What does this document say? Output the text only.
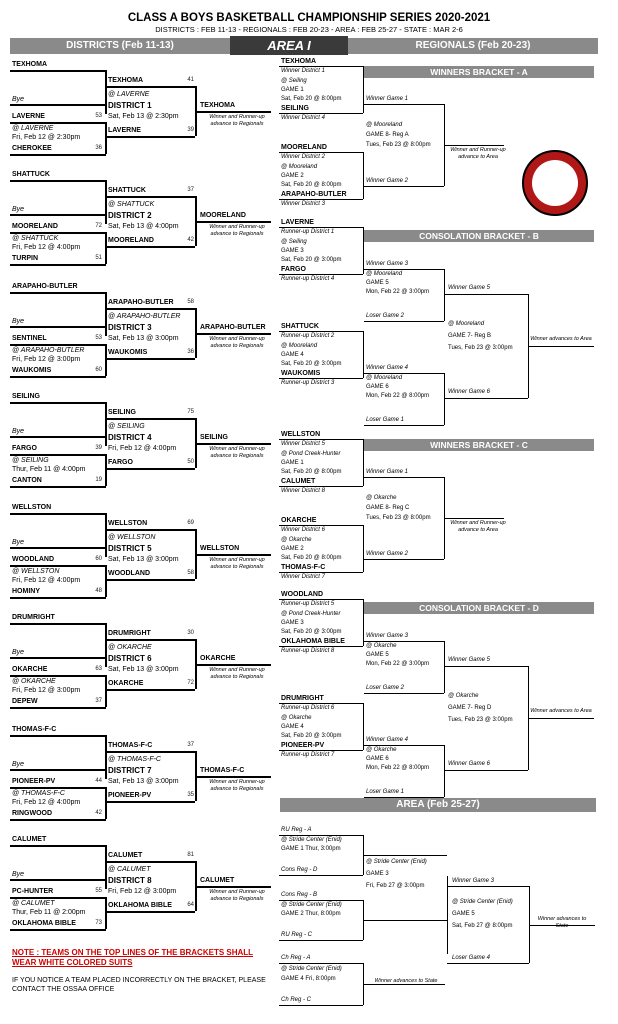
CLASS A BOYS BASKETBALL CHAMPIONSHIP SERIES 2020-2021
DISTRICTS : FEB 11-13 - REGIONALS : FEB 20-23 - AREA : FEB 25-27 - STATE : MAR 2-6
DISTRICTS (Feb 11-13)	AREA I	REGIONALS (Feb 20-23)
TEXHOMA
TEXHOMA	41
Bye
@ LAVERNE
DISTRICT 1
Sat, Feb 13 @ 2:30pm
LAVERNE	53
@ LAVERNE
Fri, Feb 12 @ 2:30pm
LAVERNE	39
TEXHOMA
Winner and Runner-up advance to Regionals
CHEROKEE	36
SHATTUCK
SHATTUCK	37
Bye
@ SHATTUCK
DISTRICT 2
Sat, Feb 13 @ 4:00pm
MOORELAND	72
@ SHATTUCK
Fri, Feb 12 @ 4:00pm
MOORELAND	42
MOORELAND
Winner and Runner-up advance to Regionals
TURPIN	51
ARAPAHO-BUTLER
ARAPAHO-BUTLER	58
Bye
@ ARAPAHO-BUTLER
DISTRICT 3
Sat, Feb 13 @ 3:00pm
SENTINEL	53
@ ARAPAHO-BUTLER
Fri, Feb 12 @ 3:00pm
WAUKOMIS	36
ARAPAHO-BUTLER
Winner and Runner-up advance to Regionals
WAUKOMIS	60
SEILING
SEILING	75
Bye
@ SEILING
DISTRICT 4
Fri, Feb 12 @ 4:00pm
FARGO	39
@ SEILING
Thur, Feb 11 @ 4:00pm
FARGO	50
SEILING
Winner and Runner-up advance to Regionals
CANTON	19
WELLSTON
WELLSTON	69
Bye
@ WELLSTON
DISTRICT 5
Sat, Feb 13 @ 3:00pm
WOODLAND	60
@ WELLSTON
Fri, Feb 12 @ 4:00pm
WOODLAND	58
WELLSTON
Winner and Runner-up advance to Regionals
HOMINY	48
DRUMRIGHT
DRUMRIGHT	30
Bye
@ OKARCHE
DISTRICT 6
Sat, Feb 13 @ 3:00pm
OKARCHE	63
@ OKARCHE
Fri, Feb 12 @ 3:00pm
OKARCHE	72
OKARCHE
Winner and Runner-up advance to Regionals
DEPEW	37
THOMAS-F-C
THOMAS-F-C	37
Bye
@ THOMAS-F-C
DISTRICT 7
Sat, Feb 13 @ 3:00pm
PIONEER-PV	44
@ THOMAS-F-C
Fri, Feb 12 @ 4:00pm
PIONEER-PV	35
THOMAS-F-C
Winner and Runner-up advance to Regionals
RINGWOOD	42
CALUMET
CALUMET	81
Bye
@ CALUMET
DISTRICT 8
Fri, Feb 12 @ 3:00pm
PC-HUNTER	55
@ CALUMET
Thur, Feb 11 @ 2:00pm
OKLAHOMA BIBLE	64
CALUMET
Winner and Runner-up advance to Regionals
OKLAHOMA BIBLE	73
WINNERS BRACKET - A
TEXHOMA
Winner District 1
@ Seiling
GAME 1
Sat, Feb 20 @ 8:00pm
SEILING
Winner District 4
MOORELAND
Winner District 2
@ Mooreland
GAME 2
Sat, Feb 20 @ 8:00pm
ARAPAHO-BUTLER
Winner District 3
Winner Game 1
@ Mooreland
GAME 8- Reg A
Tues, Feb 23 @ 8:00pm
Winner Game 2
Winner and Runner-up advance to Area
WINNERS BRACKET - C
WELLSTON
Winner District 5
@ Pond Creek-Hunter
GAME 1
Sat, Feb 20 @ 8:00pm
CALUMET
Winner District 8
OKARCHE
Winner District 6
@ Okarche
GAME 2
Sat, Feb 20 @ 8:00pm
THOMAS-F-C
Winner District 7
Winner Game 1
@ Okarche
GAME 8- Reg C
Tues, Feb 23 @ 8:00pm
Winner Game 2
Winner and Runner-up advance to Area
CONSOLATION BRACKET - B
LAVERNE
Runner-up District 1
@ Seiling
GAME 3
Sat, Feb 20 @ 3:00pm
FARGO
Runner-up District 4
SHATTUCK
Runner-up District 2
@ Mooreland
GAME 4
Sat, Feb 20 @ 3:00pm
WAUKOMIS
Runner-up District 3
Winner Game 3
@ Mooreland
GAME 5
Mon, Feb 22 @ 3:00pm
Loser Game 2
Winner Game 4
@ Mooreland
GAME 6
Mon, Feb 22 @ 8:00pm
Loser Game 1
Winner Game 5
@ Mooreland
GAME 7- Reg B
Tues, Feb 23 @ 3:00pm
Winner Game 6
Winner advances to Area
CONSOLATION BRACKET - D
WOODLAND
Runner-up District 5
@ Pond Creek-Hunter
GAME 3
Sat, Feb 20 @ 3:00pm
OKLAHOMA BIBLE
Runner-up District 8
DRUMRIGHT
Runner-up District 6
@ Okarche
GAME 4
Sat, Feb 20 @ 3:00pm
PIONEER-PV
Runner-up District 7
Winner Game 3
@ Okarche
GAME 5
Mon, Feb 22 @ 3:00pm
Loser Game 2
Winner Game 4
@ Okarche
GAME 6
Mon, Feb 22 @ 8:00pm
Loser Game 1
Winner Game 5
@ Okarche
GAME 7- Reg D
Tues, Feb 23 @ 3:00pm
Winner Game 6
Winner advances to Area
AREA (Feb 25-27)
RU Reg - A
@ Stride Center (Enid)
GAME 1 Thur, 3:00pm
Cons Reg - D
Cons Reg - B
@ Stride Center (Enid)
GAME 2 Thur, 8:00pm
RU Reg - C
@ Stride Center (Enid)
GAME 3
Fri, Feb 27 @ 3:00pm
Winner Game 3
@ Stride Center (Enid)
GAME 5
Sat, Feb 27 @ 8:00pm
Loser Game 4
Winner advances to State
Ch Reg - A
@ Stride Center (Enid)
GAME 4 Fri, 8:00pm
Ch Reg - C
Winner advances to State
NOTE : TEAMS ON THE TOP LINES OF THE BRACKETS SHALL WEAR WHITE COLORED SUITS
IF YOU NOTICE A TEAM PLACED INCORRECTLY ON THE BRACKET, PLEASE CONTACT THE OSSAA OFFICE
